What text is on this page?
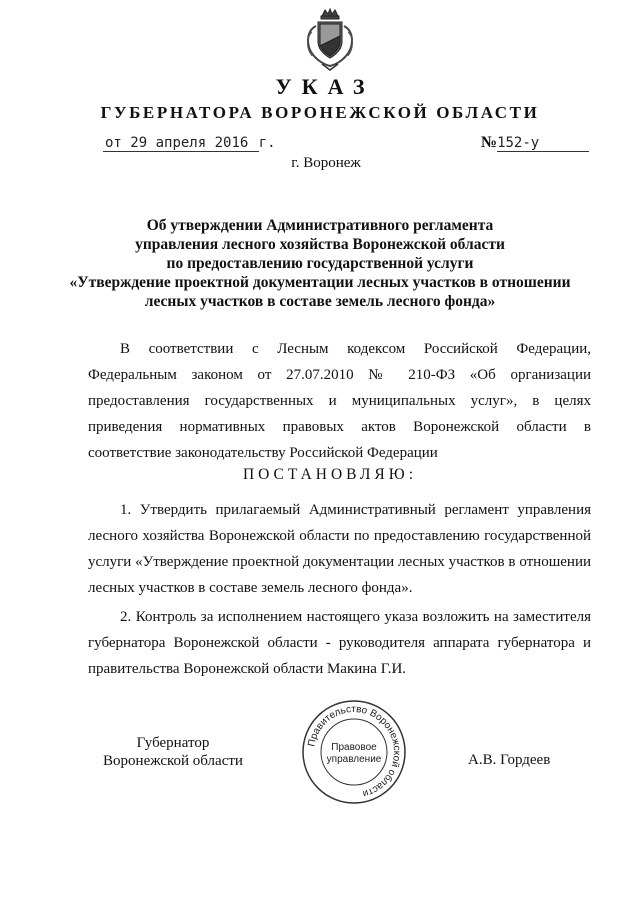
УКАЗ
ГУБЕРНАТОРА ВОРОНЕЖСКОЙ ОБЛАСТИ
от 29 апреля 2016 г.	№152-у
г. Воронеж
Об утверждении Административного регламента
управления лесного хозяйства Воронежской области
по предоставлению государственной услуги
«Утверждение проектной документации лесных участков в отношении
лесных участков в составе земель лесного фонда»
В соответствии с Лесным кодексом Российской Федерации, Федеральным законом от 27.07.2010 № 210-ФЗ «Об организации предоставления государственных и муниципальных услуг», в целях приведения нормативных правовых актов Воронежской области в соответствие законодательству Российской Федерации
ПОСТАНОВЛЯЮ:
1. Утвердить прилагаемый Административный регламент управления лесного хозяйства Воронежской области по предоставлению государственной услуги «Утверждение проектной документации лесных участков в отношении лесных участков в составе земель лесного фонда».
2. Контроль за исполнением настоящего указа возложить на заместителя губернатора Воронежской области - руководителя аппарата губернатора и правительства Воронежской области Макина Г.И.
Губернатор
Воронежской области
Правительство Воронежской области
Правовое
управление	А.В. Гордеев
